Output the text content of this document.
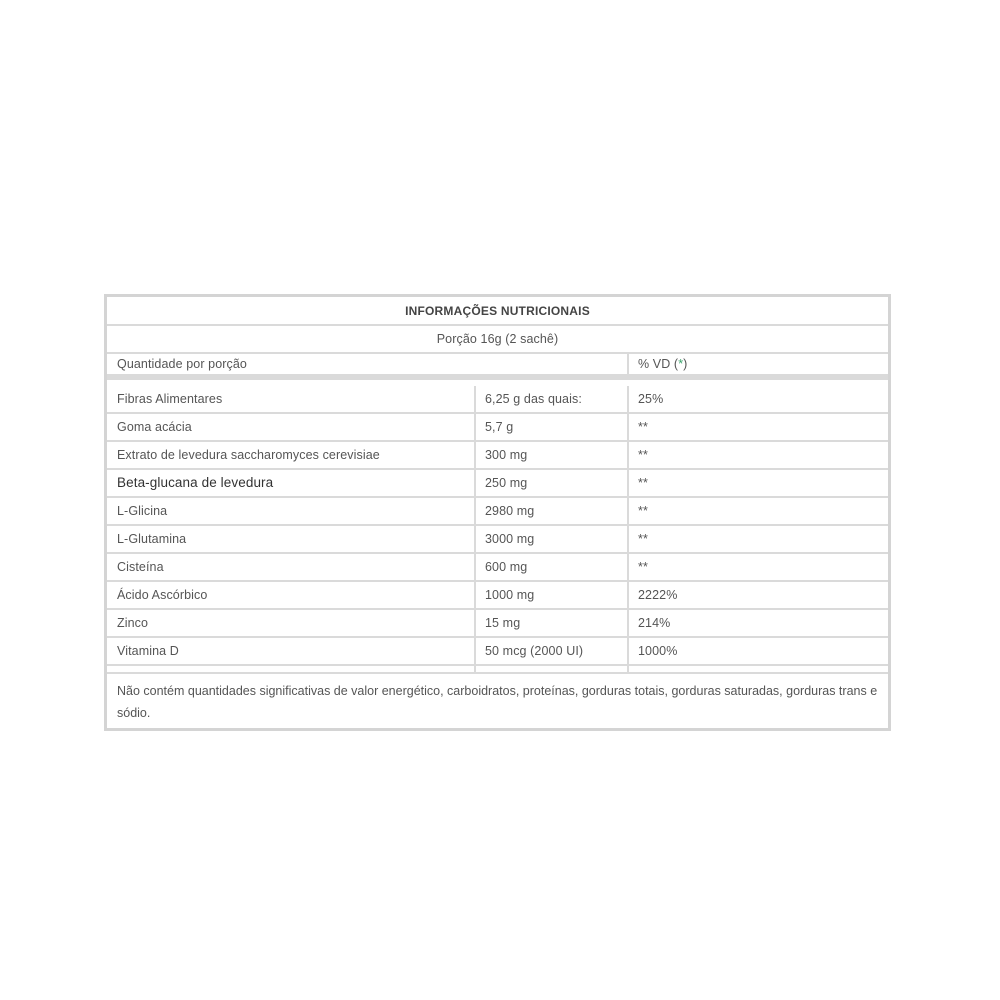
INFORMAÇÕES NUTRICIONAIS
Porção 16g (2 sachê)
Quantidade por porção	% VD ( * )
Fibras Alimentares	6,25 g das quais:	25%
Goma acácia	5,7 g	**
Extrato de levedura saccharomyces cerevisiae	300 mg	**
Beta-glucana de levedura	250 mg	**
L-Glicina	2980 mg	**
L-Glutamina	3000 mg	**
Cisteína	600 mg	**
Ácido Ascórbico	1000 mg	2222%
Zinco	15 mg	214%
Vitamina D	50 mcg (2000 UI)	1000%
Não contém quantidades significativas de valor energético, carboidratos, proteínas, gorduras totais, gorduras saturadas, gorduras trans e sódio.
